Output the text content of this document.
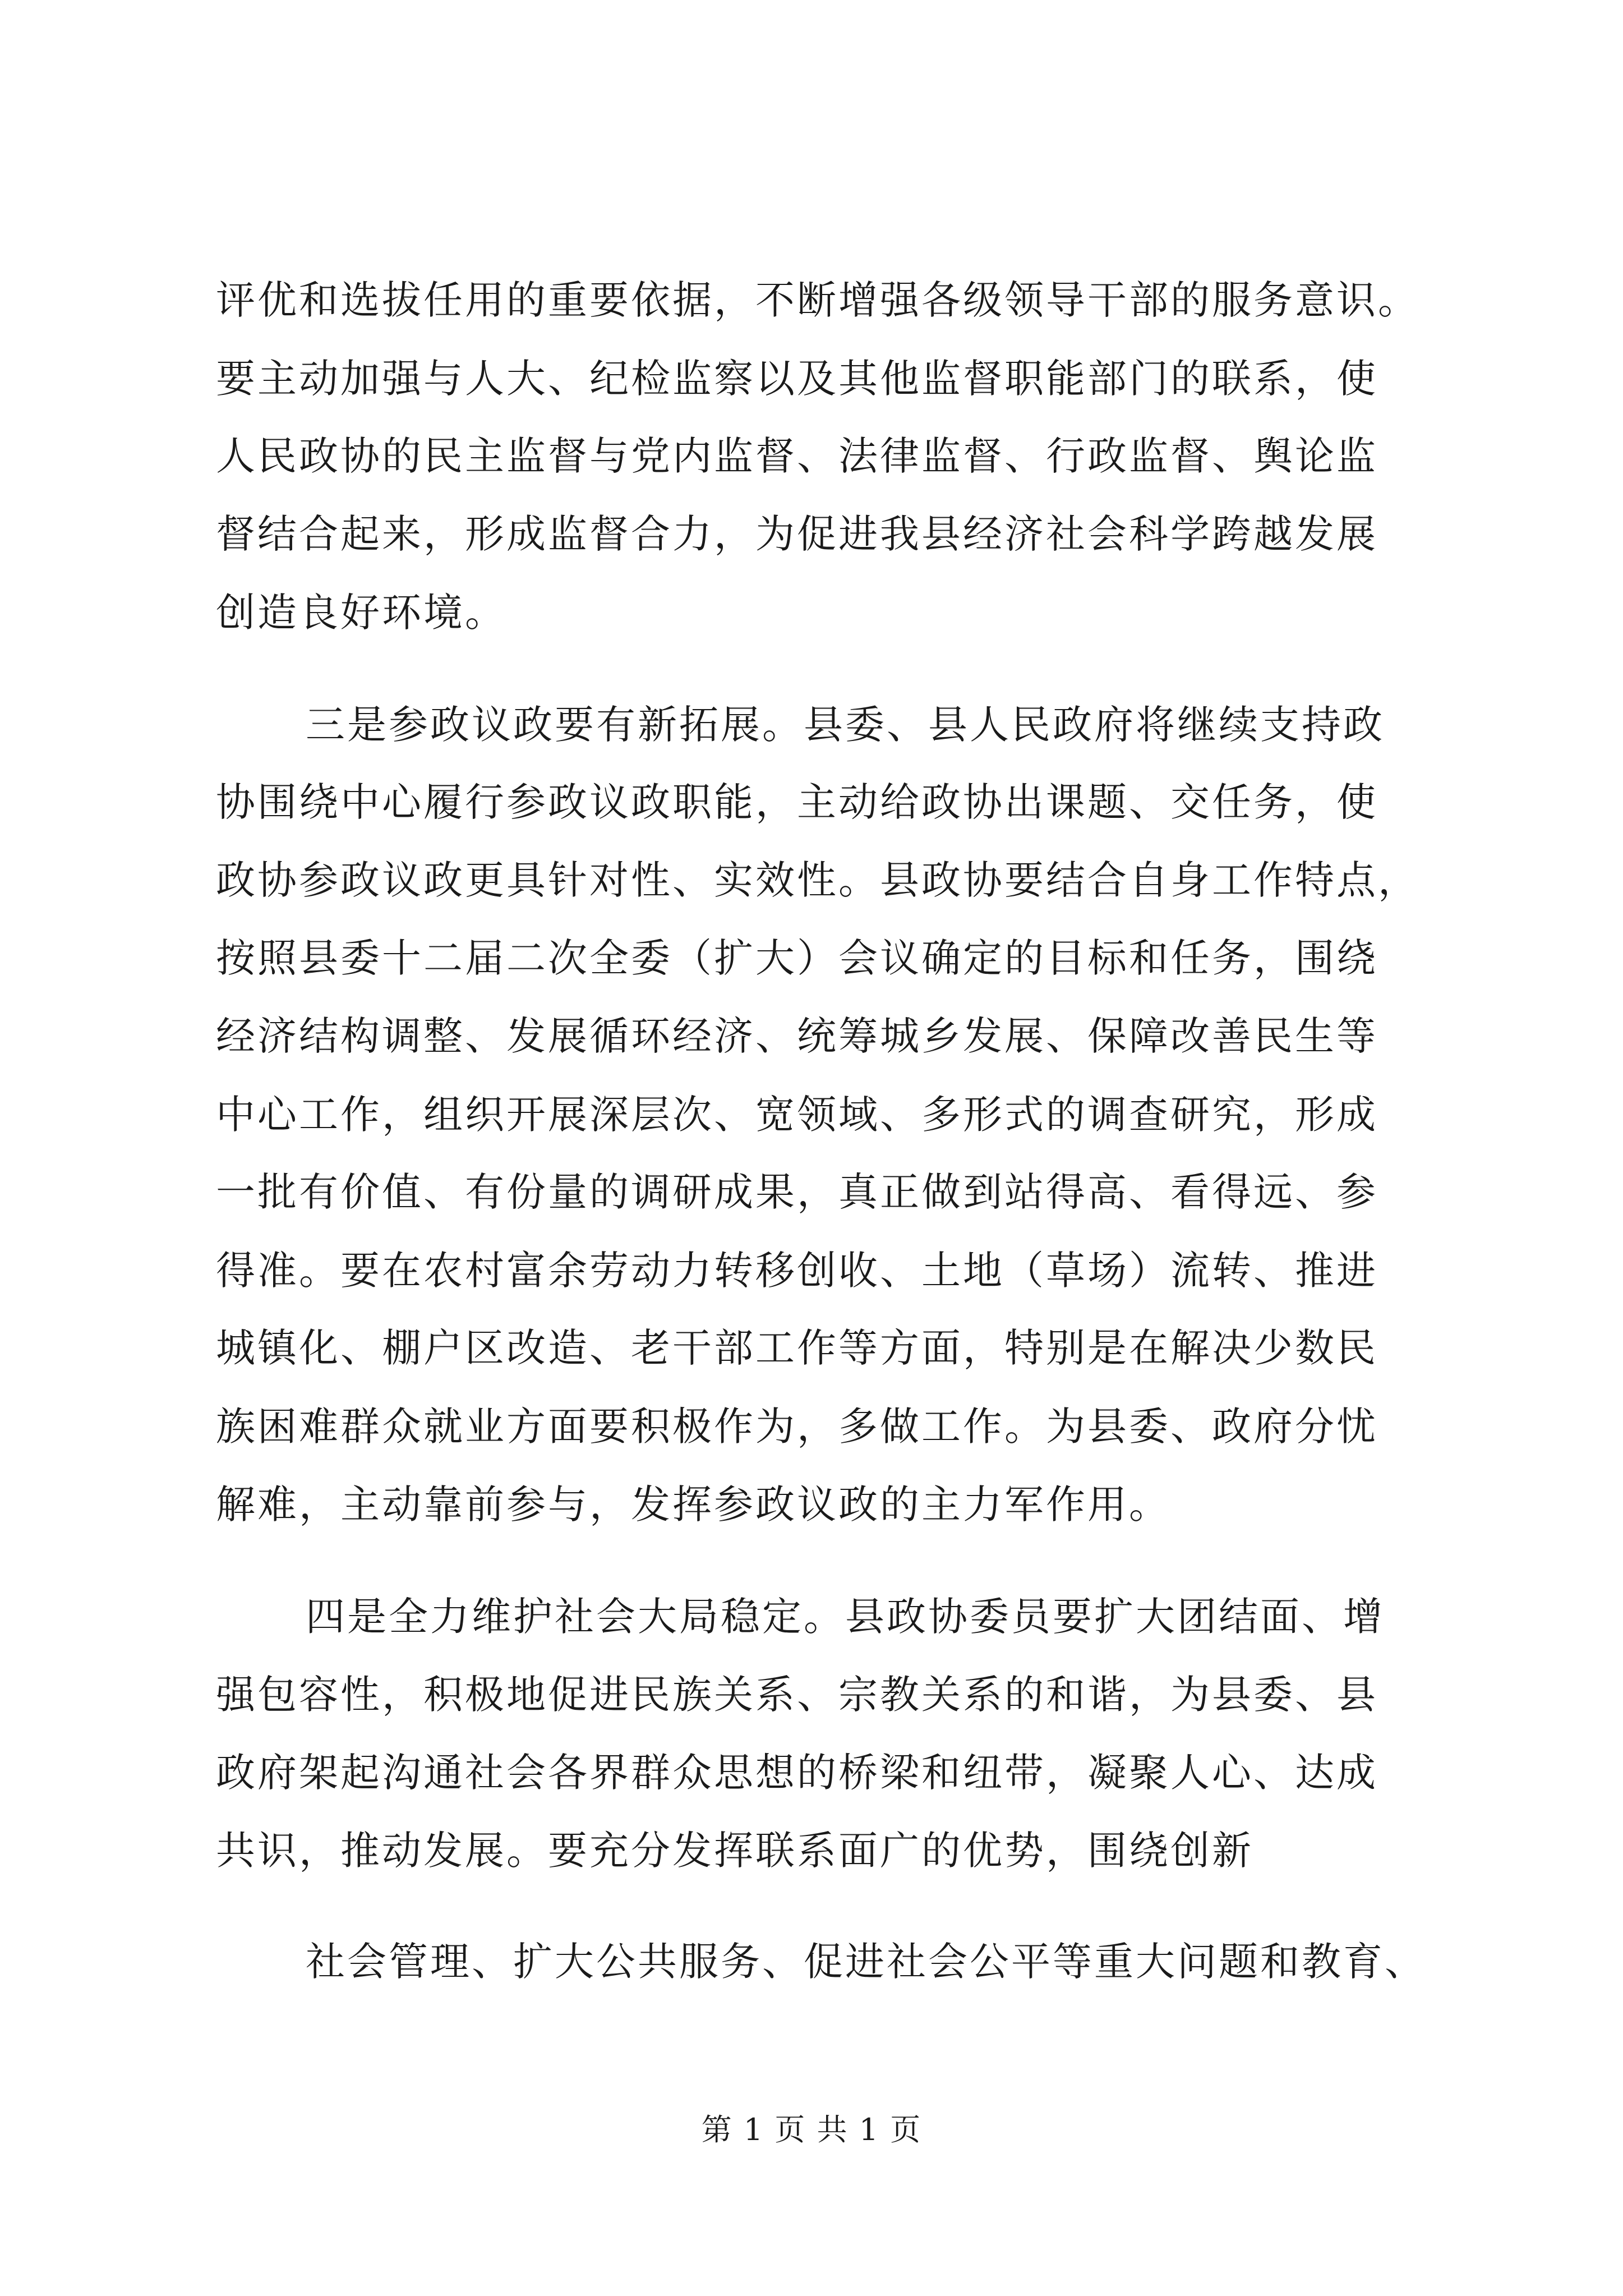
评优和选拔任用的重要依据，不断增强各级领导干部的服务意识。
要主动加强与人大、纪检监察以及其他监督职能部门的联系，使
人民政协的民主监督与党内监督、法律监督、行政监督、舆论监
督结合起来，形成监督合力，为促进我县经济社会科学跨越发展
创造良好环境。
三是参政议政要有新拓展。县委、县人民政府将继续支持政
协围绕中心履行参政议政职能，主动给政协出课题、交任务，使
政协参政议政更具针对性、实效性。县政协要结合自身工作特点，
按照县委十二届二次全委（扩大）会议确定的目标和任务，围绕
经济结构调整、发展循环经济、统筹城乡发展、保障改善民生等
中心工作，组织开展深层次、宽领域、多形式的调查研究，形成
一批有价值、有份量的调研成果，真正做到站得高、看得远、参
得准。要在农村富余劳动力转移创收、土地（草场）流转、推进
城镇化、棚户区改造、老干部工作等方面，特别是在解决少数民
族困难群众就业方面要积极作为，多做工作。为县委、政府分忧
解难，主动靠前参与，发挥参政议政的主力军作用。
四是全力维护社会大局稳定。县政协委员要扩大团结面、增
强包容性，积极地促进民族关系、宗教关系的和谐，为县委、县
政府架起沟通社会各界群众思想的桥梁和纽带，凝聚人心、达成
共识，推动发展。要充分发挥联系面广的优势，围绕创新
社会管理、扩大公共服务、促进社会公平等重大问题和教育、
第 1 页 共 1 页
